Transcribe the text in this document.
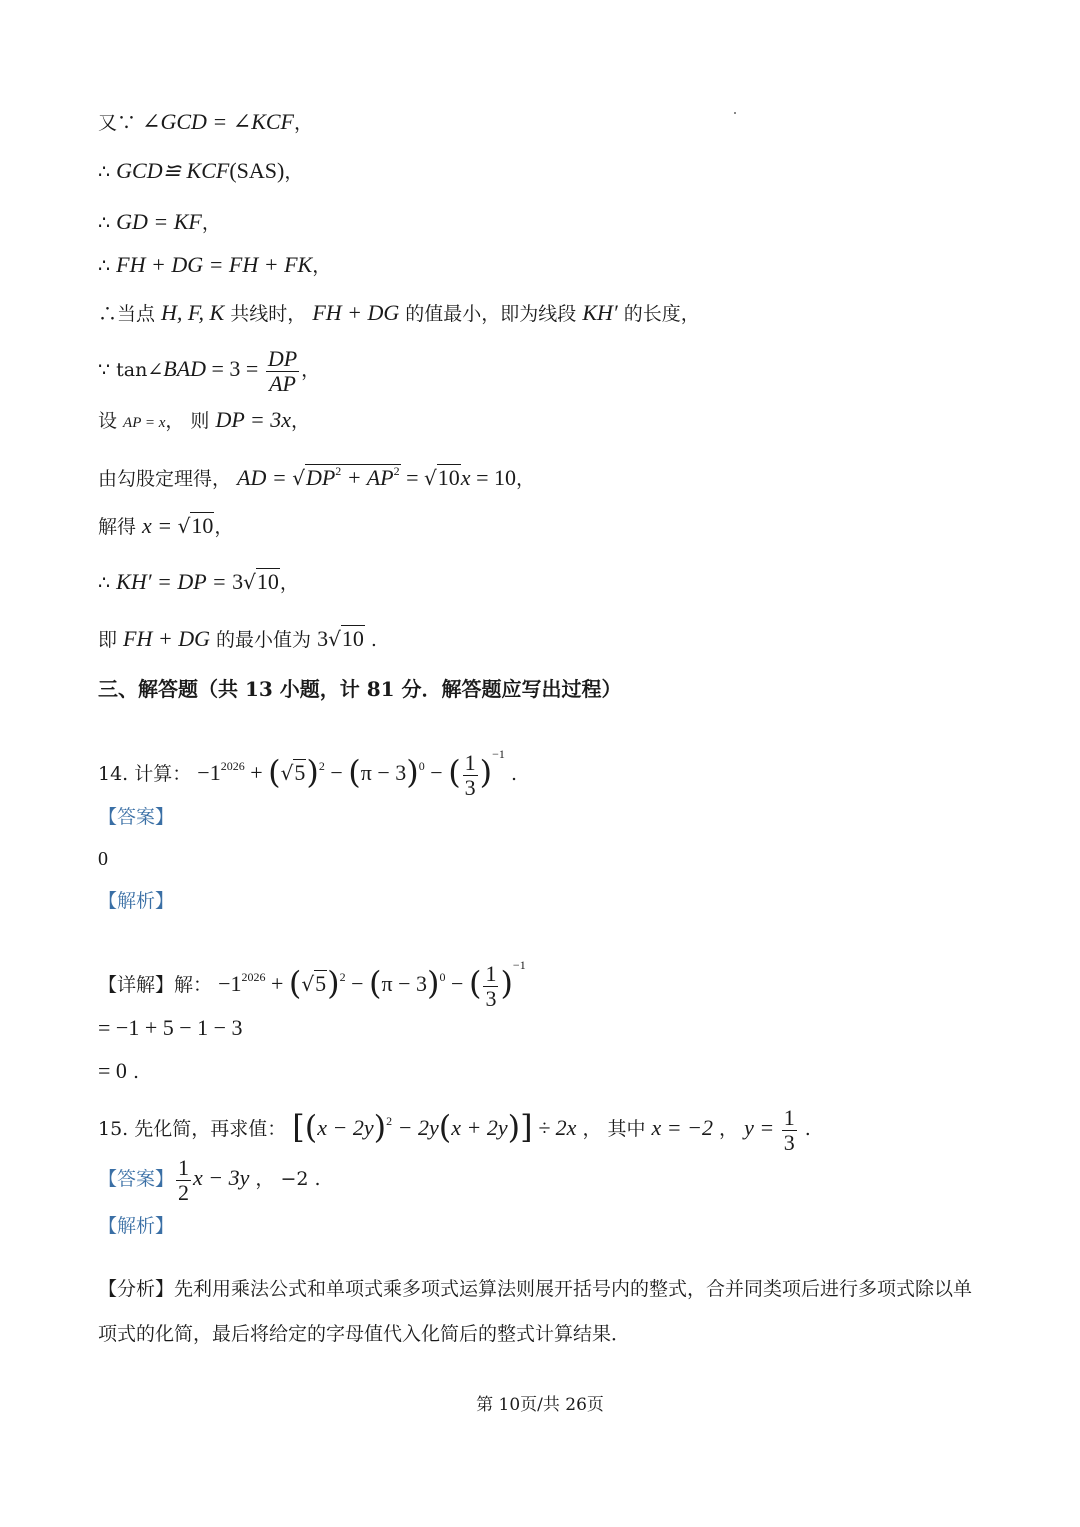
又∵ ∠GCD = ∠KCF，
∴ GCD≌ KCF(SAS)，
∴ GD = KF，
∴ FH + DG = FH + FK，
∴当点 H, F, K 共线时， FH + DG 的值最小，即为线段 KH′ 的长度，
∵ tan∠BAD = $3 = \frac{DP}{AP}$ ，
设 AP = x， 则 DP = 3x，
由勾股定理得， AD = $√DP^2 + AP^2 = √10x = 10$，
解得 x = √10，
∴ KH′ = DP = 3√10，
即 FH + DG 的最小值为 3√10 .
三、解答题（共 13 小题，计 81 分．解答题应写出过程）
14. 计算： $-1^{2026} + (√5)^2 - (\pi - 3)^0$ − ( $\frac{1}{3} )^{-1}$ .
【答案】
0
【解析】
【详解】解： $-1^{2026} + (√5)^2 - (\pi - 3)^0$ − ( $\frac{1}{3} )^{-1}$
= −1 + 5 − 1 − 3
= 0 .
15. 先化简，再求值： $[(x - 2y)^2 - 2y(x + 2y)] \div 2x$ ， 其中 x = −2 ， $y = \frac{1}{3}$ .
【答案】 $\frac{1}{2}$ x − 3y ， −2 .
【解析】
【分析】先利用乘法公式和单项式乘多项式运算法则展开括号内的整式，合并同类项后进行多项式除以单
项式的化简，最后将给定的字母值代入化简后的整式计算结果．
第 10页/共 26页
